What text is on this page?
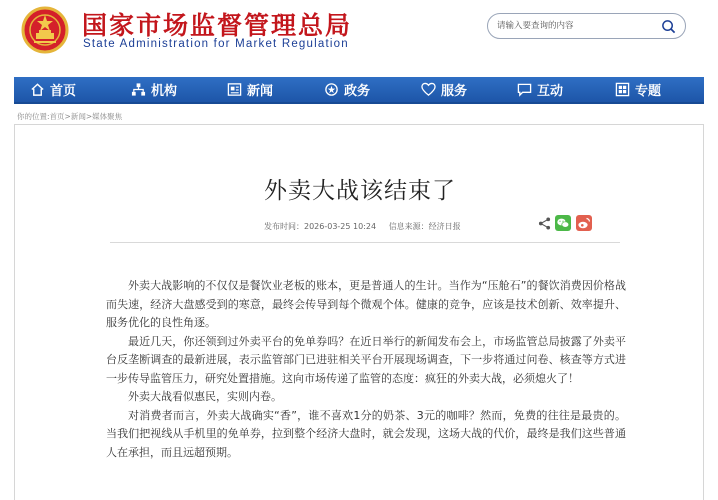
国家市场监督管理总局
State Administration for Market Regulation
请输入要查询的内容
首页	机构	新闻	政务	服务	互动	专题
你的位置:首页>新闻>媒体聚焦
外卖大战该结束了
发布时间：2026-03-25 10:24 信息来源：经济日报

外卖大战影响的不仅仅是餐饮业老板的账本，更是普通人的生计。当作为“压舱石”的餐饮消费因价格战而失速，经济大盘感受到的寒意，最终会传导到每个微观个体。健康的竞争，应该是技术创新、效率提升、服务优化的良性角逐。

最近几天，你还领到过外卖平台的免单券吗？在近日举行的新闻发布会上，市场监管总局披露了外卖平台反垄断调查的最新进展，表示监管部门已进驻相关平台开展现场调查，下一步将通过问卷、核查等方式进一步传导监管压力，研究处置措施。这向市场传递了监管的态度：疯狂的外卖大战，必须熄火了！

外卖大战看似惠民，实则内卷。

对消费者而言，外卖大战确实“香”，谁不喜欢1分的奶茶、3元的咖啡？然而，免费的往往是最贵的。当我们把视线从手机里的免单券，拉到整个经济大盘时，就会发现，这场大战的代价，最终是我们这些普通人在承担，而且远超预期。
